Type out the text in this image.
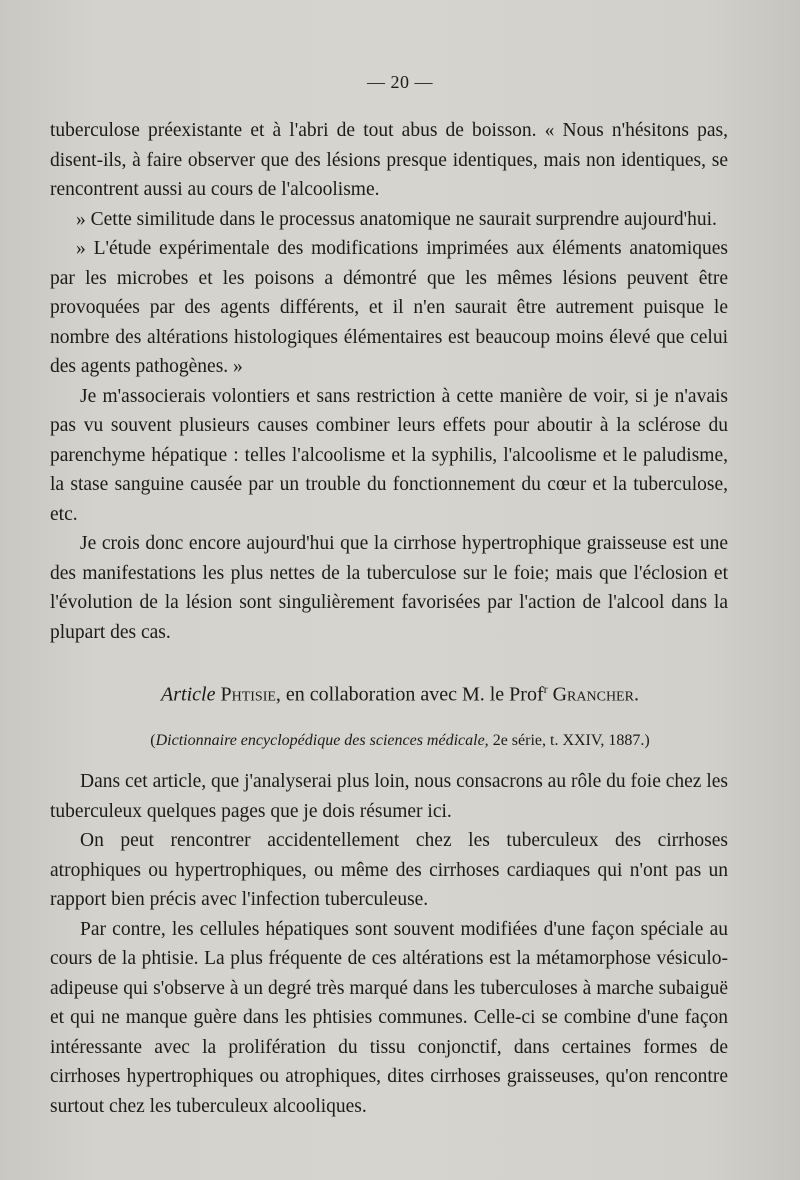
— 20 —

tuberculose préexistante et à l'abri de tout abus de boisson. « Nous n'hésitons pas, disent-ils, à faire observer que des lésions presque identiques, mais non identiques, se rencontrent aussi au cours de l'alcoolisme.

» Cette similitude dans le processus anatomique ne saurait surprendre aujourd'hui.

» L'étude expérimentale des modifications imprimées aux éléments anatomiques par les microbes et les poisons a démontré que les mêmes lésions peuvent être provoquées par des agents différents, et il n'en saurait être autrement puisque le nombre des altérations histologiques élémentaires est beaucoup moins élevé que celui des agents pathogènes. »

Je m'associerais volontiers et sans restriction à cette manière de voir, si je n'avais pas vu souvent plusieurs causes combiner leurs effets pour aboutir à la sclérose du parenchyme hépatique : telles l'alcoolisme et la syphilis, l'alcoolisme et le paludisme, la stase sanguine causée par un trouble du fonctionnement du cœur et la tuberculose, etc.

Je crois donc encore aujourd'hui que la cirrhose hypertrophique graisseuse est une des manifestations les plus nettes de la tuberculose sur le foie; mais que l'éclosion et l'évolution de la lésion sont singulièrement favorisées par l'action de l'alcool dans la plupart des cas.

Article Phtisie, en collaboration avec M. le Prof$^r$ Grancher.
(Dictionnaire encyclopédique des sciences médicale, 2e série, t. XXIV, 1887.)

Dans cet article, que j'analyserai plus loin, nous consacrons au rôle du foie chez les tuberculeux quelques pages que je dois résumer ici.

On peut rencontrer accidentellement chez les tuberculeux des cirrhoses atrophiques ou hypertrophiques, ou même des cirrhoses cardiaques qui n'ont pas un rapport bien précis avec l'infection tuberculeuse.

Par contre, les cellules hépatiques sont souvent modifiées d'une façon spéciale au cours de la phtisie. La plus fréquente de ces altérations est la métamorphose vésiculo-adipeuse qui s'observe à un degré très marqué dans les tuberculoses à marche subaiguë et qui ne manque guère dans les phtisies communes. Celle-ci se combine d'une façon intéressante avec la prolifération du tissu conjonctif, dans certaines formes de cirrhoses hypertrophiques ou atrophiques, dites cirrhoses graisseuses, qu'on rencontre surtout chez les tuberculeux alcooliques.
